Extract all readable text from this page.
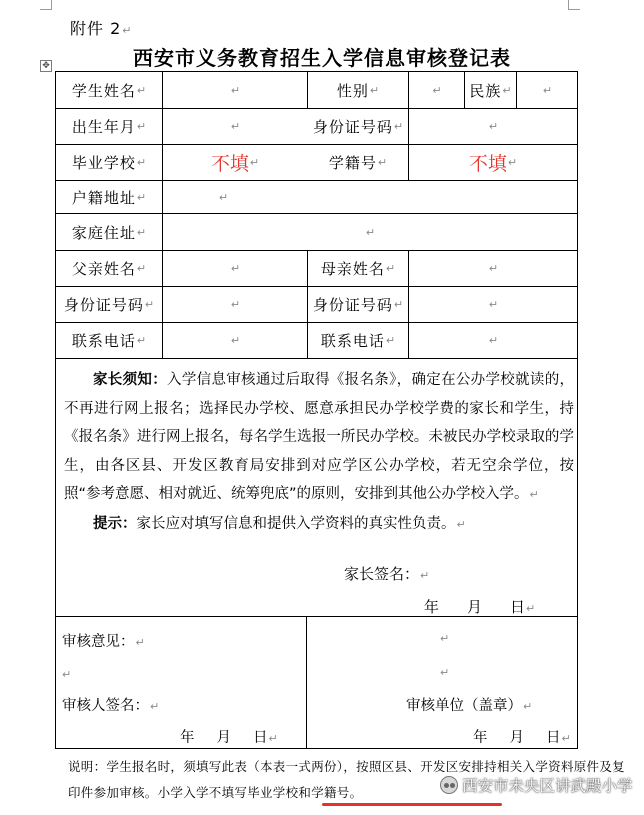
附件 2↵
西安市义务教育招生入学信息审核登记表
✥
学生姓名 ↵	↵	性别 ↵	↵ 民族 ↵	↵
出生年月 ↵	↵	身份证号码 ↵	↵
毕业学校 ↵	不填 ↵	学籍号 ↵	不填 ↵
户籍地址 ↵	↵
家庭住址 ↵	↵
父亲姓名 ↵	↵	母亲姓名 ↵	↵
身份证号码 ↵	↵	身份证号码 ↵	↵
联系电话 ↵	↵	联系电话 ↵	↵

家长须知：入学信息审核通过后取得《报名条》，确定在公办学校就读的，不再进行网上报名；选择民办学校、愿意承担民办学校学费的家长和学生，持《报名条》进行网上报名，每名学生选报一所民办学校。未被民办学校录取的学生，由各区县、开发区教育局安排到对应学区公办学校，若无空余学位，按照“参考意愿、相对就近、统筹兜底”的原则，安排到其他公办学校入学。↵

提示：家长应对填写信息和提供入学资料的真实性负责。↵

家长签名：↵
年 月 日↵
审核意见：↵
↵
审核人签名：↵
年 月 日↵
↵
↵
审核单位（盖章）↵
年 月 日↵
说明：学生报名时，须填写此表（本表一式两份），按照区县、开发区安排持相关入学资料原件及复印件参加审核。小学入学不填写毕业学校和学籍号。	西安市未央区讲武殿小学
